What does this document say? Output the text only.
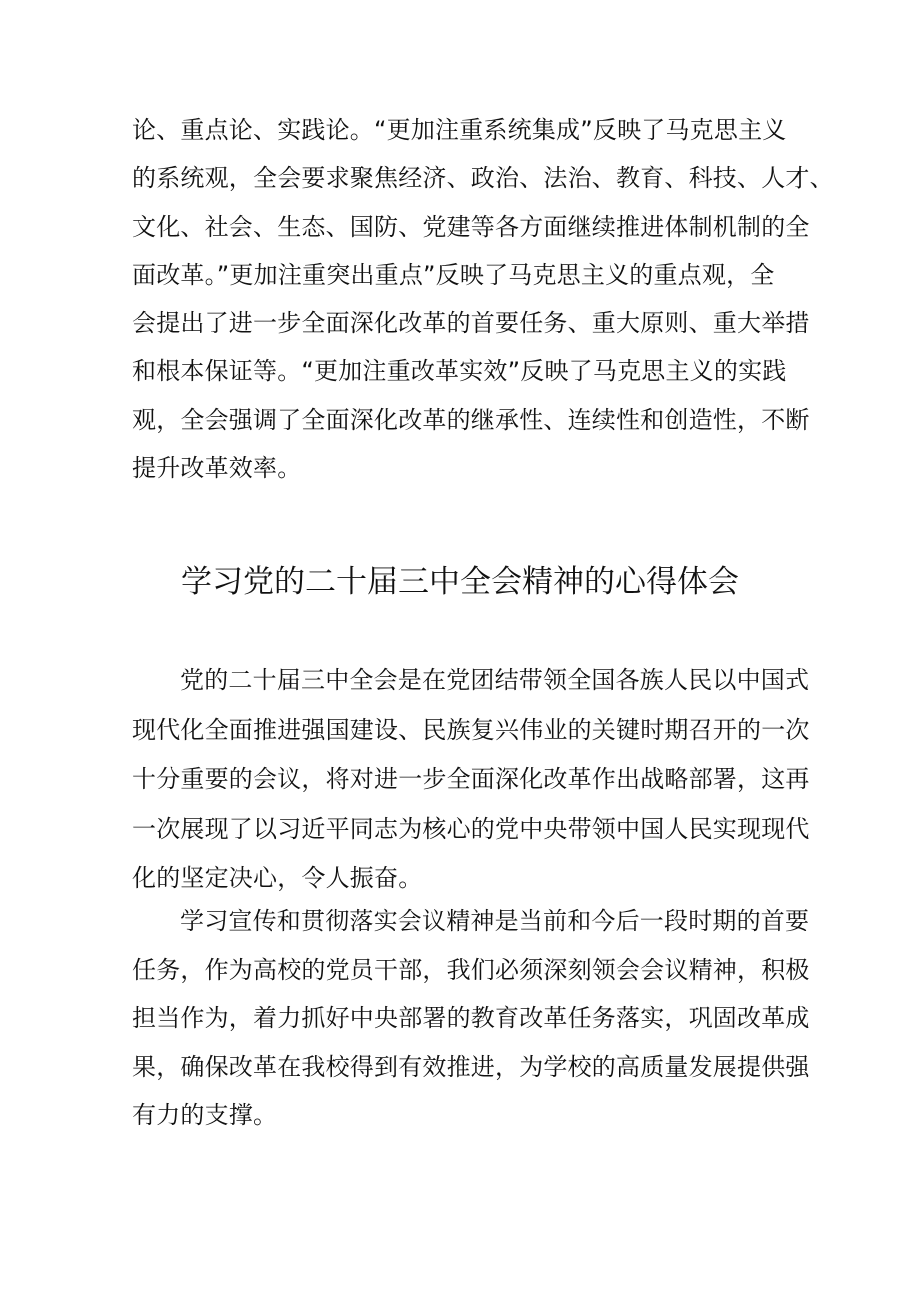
论、重点论、实践论。“更加注重系统集成”反映了马克思主义
的系统观，全会要求聚焦经济、政治、法治、教育、科技、人才、
文化、社会、生态、国防、党建等各方面继续推进体制机制的全
面改革。”更加注重突出重点”反映了马克思主义的重点观，全
会提出了进一步全面深化改革的首要任务、重大原则、重大举措
和根本保证等。“更加注重改革实效”反映了马克思主义的实践
观，全会强调了全面深化改革的继承性、连续性和创造性，不断
提升改革效率。
学习党的二十届三中全会精神的心得体会
党的二十届三中全会是在党团结带领全国各族人民以中国式
现代化全面推进强国建设、民族复兴伟业的关键时期召开的一次
十分重要的会议，将对进一步全面深化改革作出战略部署，这再
一次展现了以习近平同志为核心的党中央带领中国人民实现现代
化的坚定决心，令人振奋。
学习宣传和贯彻落实会议精神是当前和今后一段时期的首要
任务，作为高校的党员干部，我们必须深刻领会会议精神，积极
担当作为，着力抓好中央部署的教育改革任务落实，巩固改革成
果，确保改革在我校得到有效推进，为学校的高质量发展提供强
有力的支撑。
